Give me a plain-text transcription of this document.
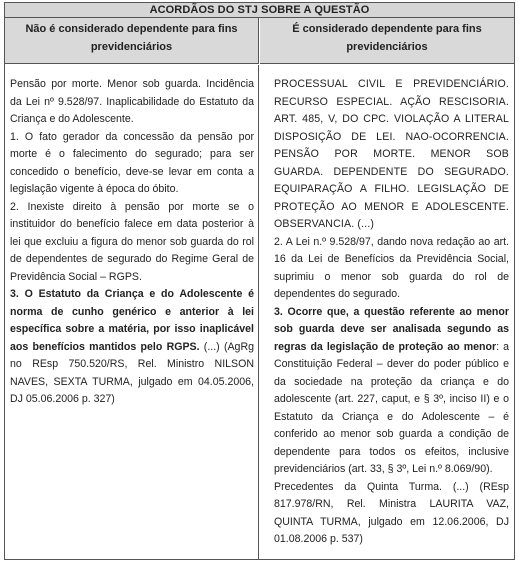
ACORDÃOS DO STJ SOBRE A QUESTÃO
Não é considerado dependente para fins
previdenciários
É considerado dependente para fins
previdenciários

Pensão por morte. Menor sob guarda. Incidência da Lei nº 9.528/97. Inaplicabilidade do Estatuto da Criança e do Adolescente.

1. O fato gerador da concessão da pensão por morte é o falecimento do segurado; para ser concedido o benefício, deve-se levar em conta a legislação vigente à época do óbito.

2. Inexiste direito à pensão por morte se o instituidor do benefício falece em data posterior à lei que excluiu a figura do menor sob guarda do rol de dependentes de segurado do Regime Geral de Previdência Social – RGPS.

3. O Estatuto da Criança e do Adolescente é norma de cunho genérico e anterior à lei específica sobre a matéria, por isso inaplicável aos benefícios mantidos pelo RGPS. (...) (AgRg no REsp 750.520/RS, Rel. Ministro NILSON NAVES, SEXTA TURMA, julgado em 04.05.2006, DJ 05.06.2006 p. 327)

PROCESSUAL CIVIL E PREVIDENCIÁRIO. RECURSO ESPECIAL. AÇÃO RESCISORIA. ART. 485, V, DO CPC. VIOLAÇÃO A LITERAL DISPOSIÇÃO DE LEI. NAO-OCORRENCIA. PENSÃO POR MORTE. MENOR SOB GUARDA. DEPENDENTE DO SEGURADO. EQUIPARAÇÃO A FILHO. LEGISLAÇÃO DE PROTEÇÃO AO MENOR E ADOLESCENTE. OBSERVANCIA. (...)

2. A Lei n.º 9.528/97, dando nova redação ao art. 16 da Lei de Benefícios da Previdência Social, suprimiu o menor sob guarda do rol de dependentes do segurado.

3. Ocorre que, a questão referente ao menor sob guarda deve ser analisada segundo as regras da legislação de proteção ao menor: a Constituição Federal – dever do poder público e da sociedade na proteção da criança e do adolescente (art. 227, caput, e § 3º, inciso II) e o Estatuto da Criança e do Adolescente – é conferido ao menor sob guarda a condição de dependente para todos os efeitos, inclusive previdenciários (art. 33, § 3º, Lei n.º 8.069/90).

Precedentes da Quinta Turma. (...) (REsp 817.978/RN, Rel. Ministra LAURITA VAZ, QUINTA TURMA, julgado em 12.06.2006, DJ 01.08.2006 p. 537)
